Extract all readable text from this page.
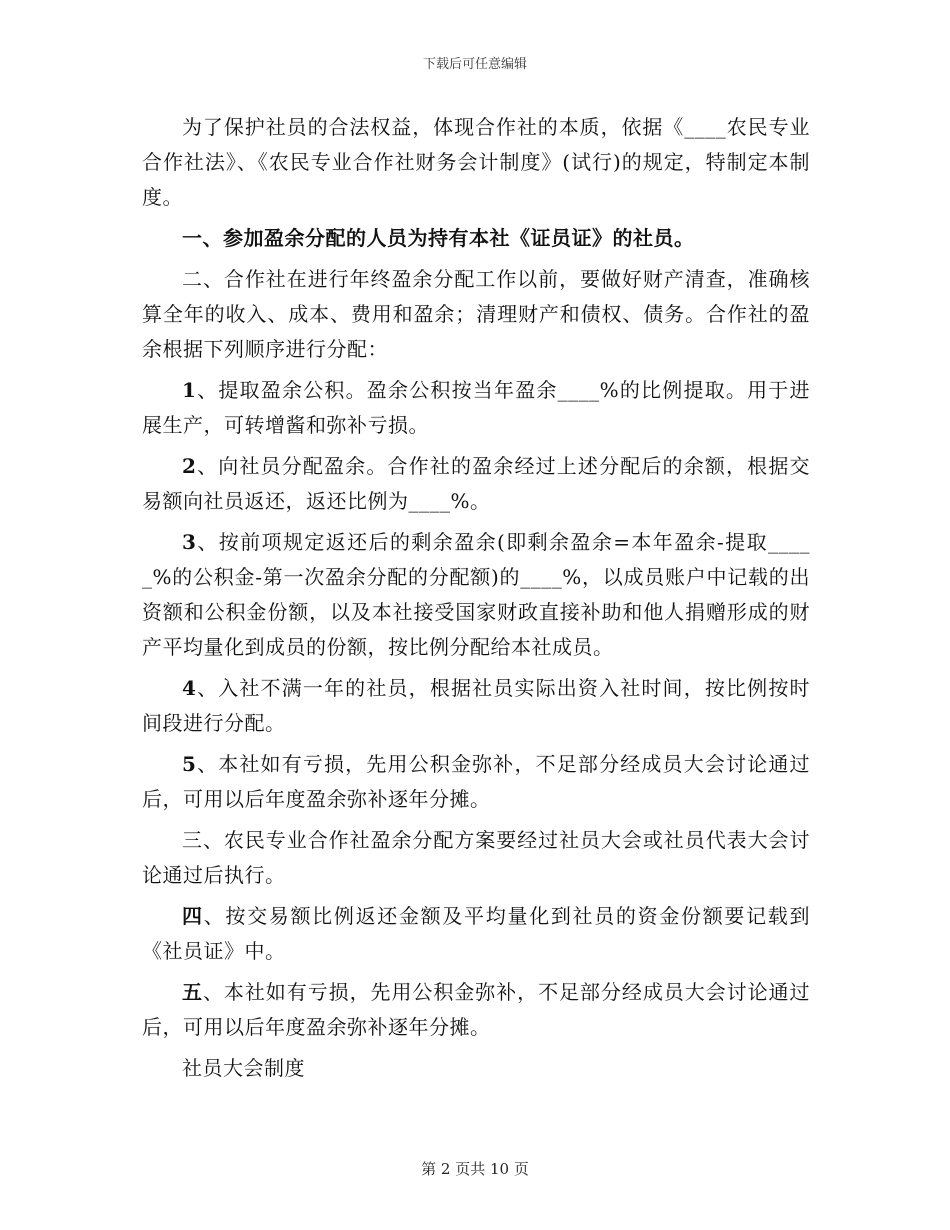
下载后可任意编辑

为了保护社员的合法权益，体现合作社的本质，依据《____农民专业合作社法》、《农民专业合作社财务会计制度》(试行)的规定，特制定本制度。

一、参加盈余分配的人员为持有本社《证员证》的社员。

二、合作社在进行年终盈余分配工作以前，要做好财产清查，准确核算全年的收入、成本、费用和盈余；清理财产和债权、债务。合作社的盈余根据下列顺序进行分配：

1、提取盈余公积。盈余公积按当年盈余____%的比例提取。用于进展生产，可转增酱和弥补亏损。

2、向社员分配盈余。合作社的盈余经过上述分配后的余额，根据交易额向社员返还，返还比例为____%。

3、按前项规定返还后的剩余盈余(即剩余盈余=本年盈余-提取_____%的公积金-第一次盈余分配的分配额)的____%，以成员账户中记载的出资额和公积金份额，以及本社接受国家财政直接补助和他人捐赠形成的财产平均量化到成员的份额，按比例分配给本社成员。

4、入社不满一年的社员，根据社员实际出资入社时间，按比例按时间段进行分配。

5、本社如有亏损，先用公积金弥补，不足部分经成员大会讨论通过后，可用以后年度盈余弥补逐年分摊。

三、农民专业合作社盈余分配方案要经过社员大会或社员代表大会讨论通过后执行。

四、按交易额比例返还金额及平均量化到社员的资金份额要记载到《社员证》中。

五、本社如有亏损，先用公积金弥补，不足部分经成员大会讨论通过后，可用以后年度盈余弥补逐年分摊。

社员大会制度

第 2 页共 10 页
